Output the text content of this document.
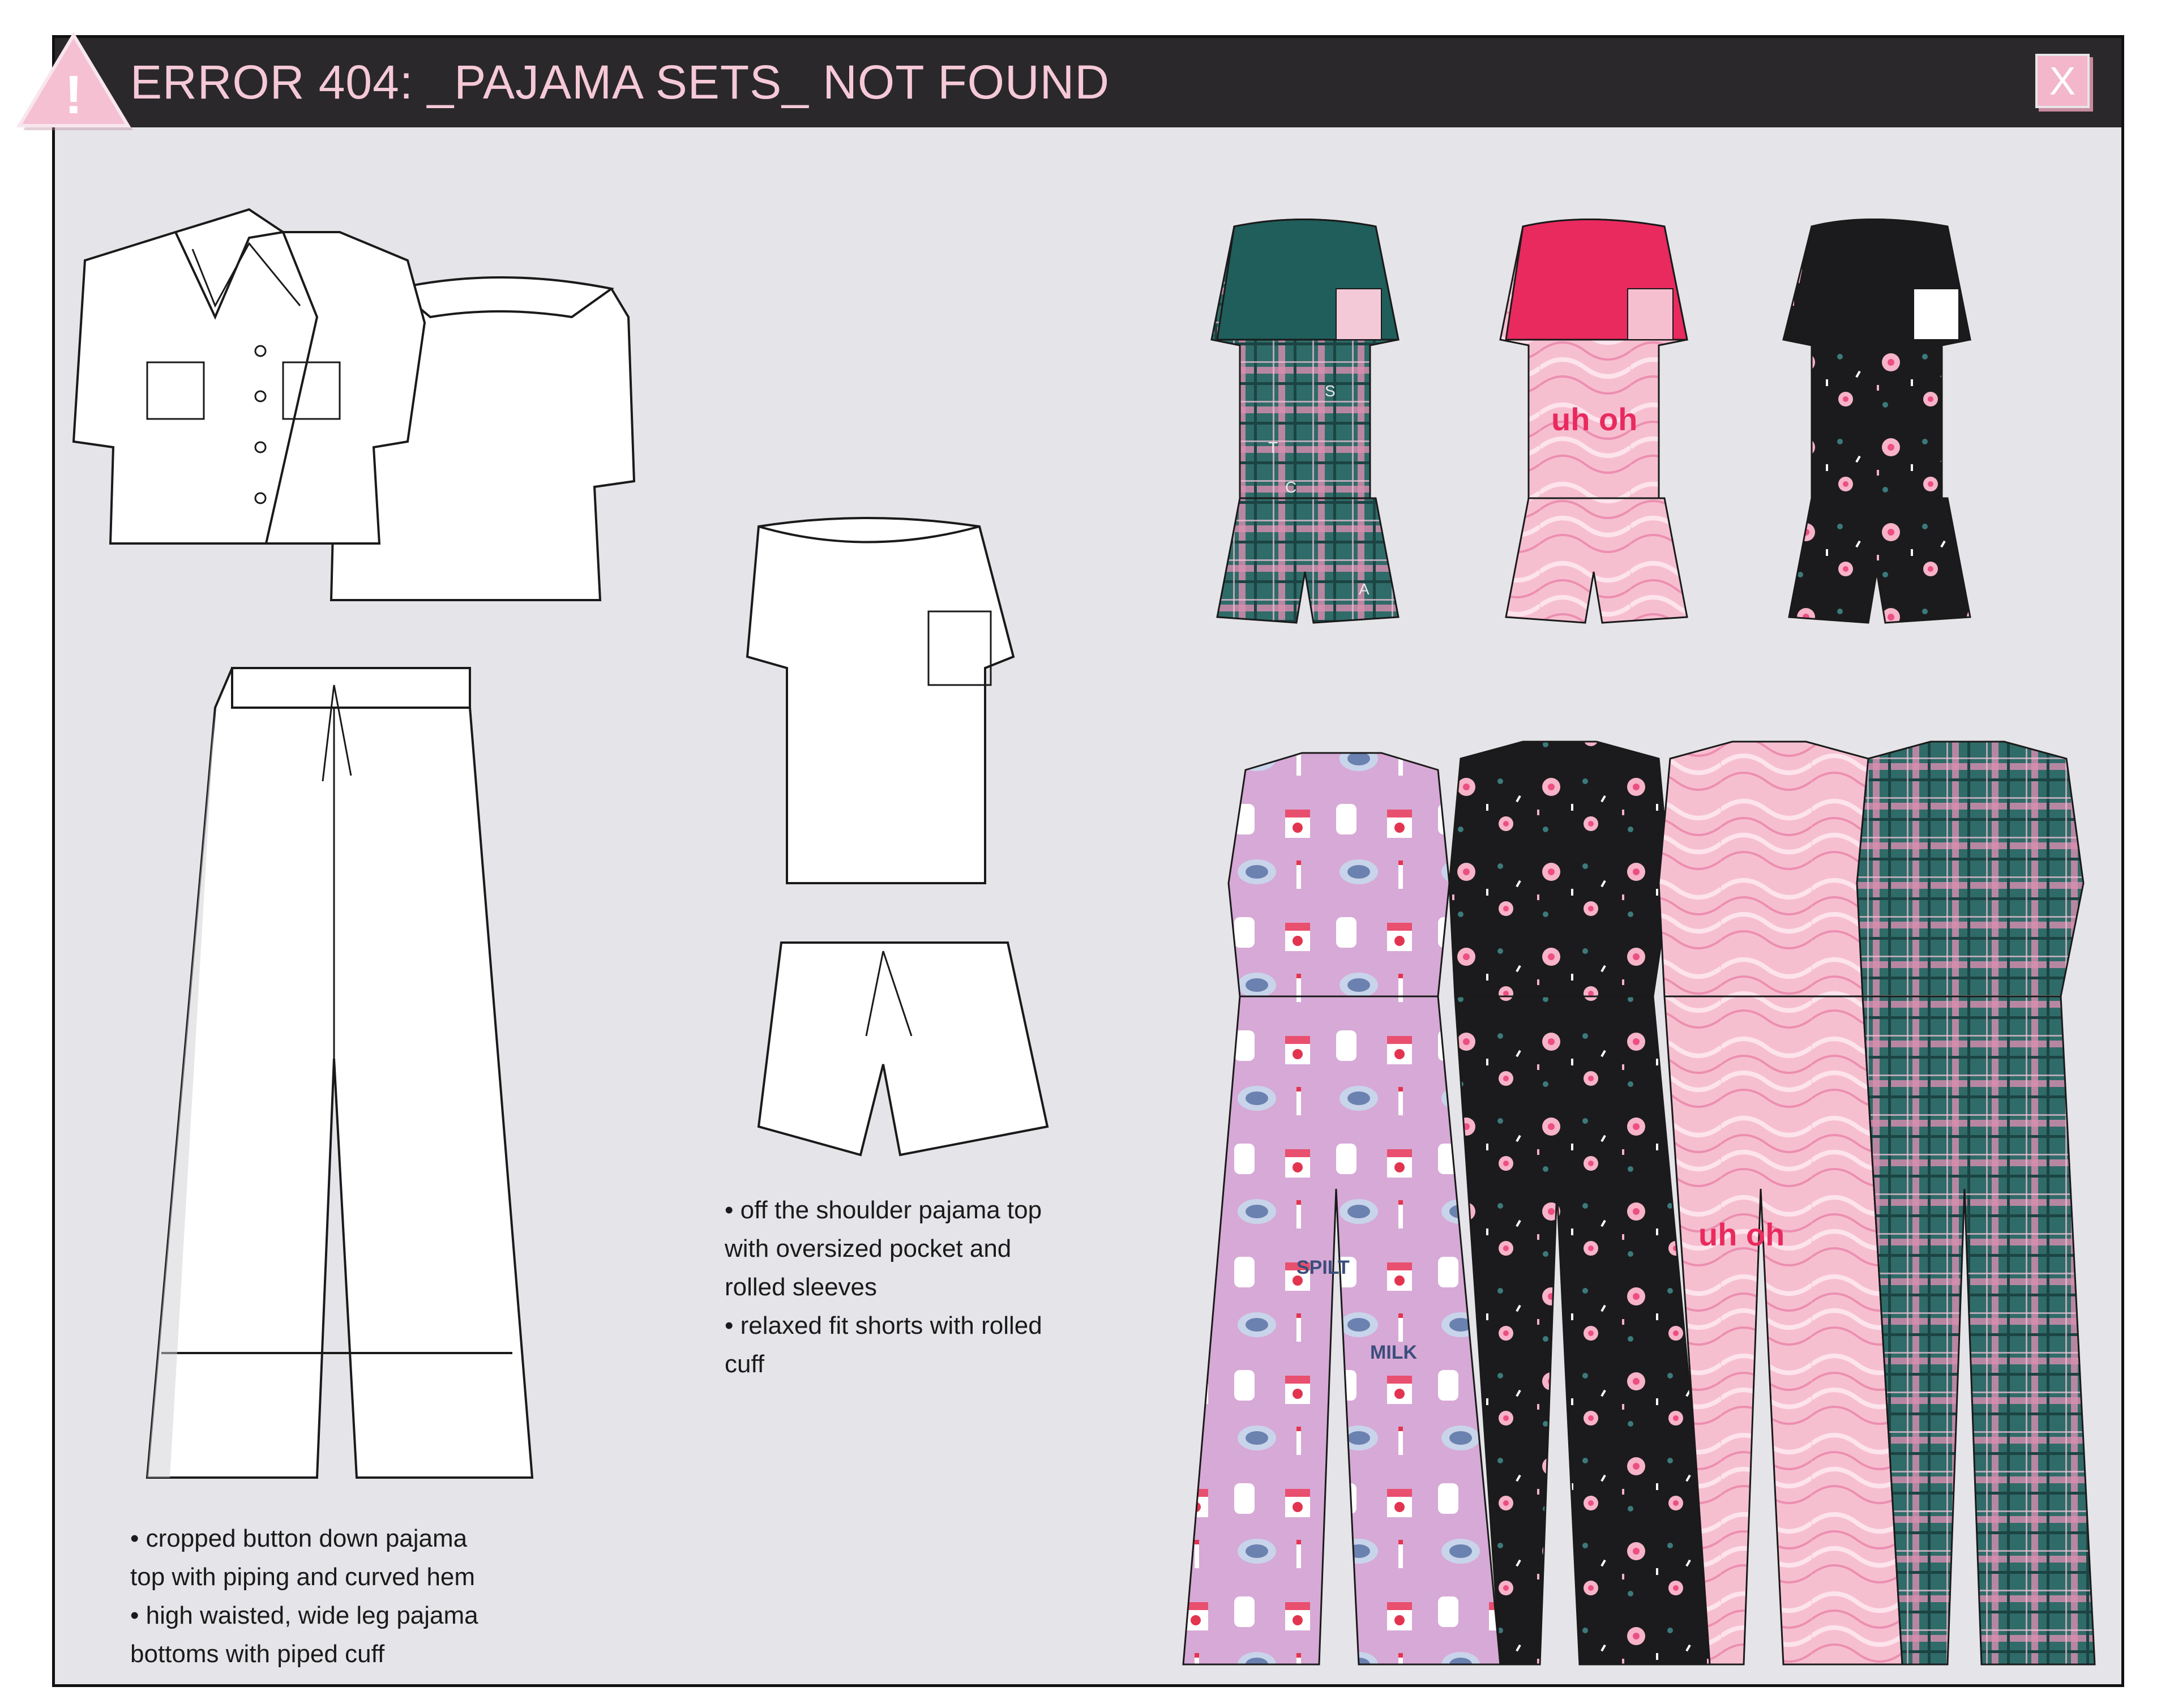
ERROR 404: _PAJAMA SETS_ NOT FOUND	X
!
S
C
T
A
uh oh
uh oh
SPILT
MILK

• cropped button down pajama

top with piping and curved hem

• high waisted, wide leg pajama

bottoms with piped cuff

• off the shoulder pajama top

with oversized pocket and

rolled sleeves

• relaxed fit shorts with rolled

cuff
